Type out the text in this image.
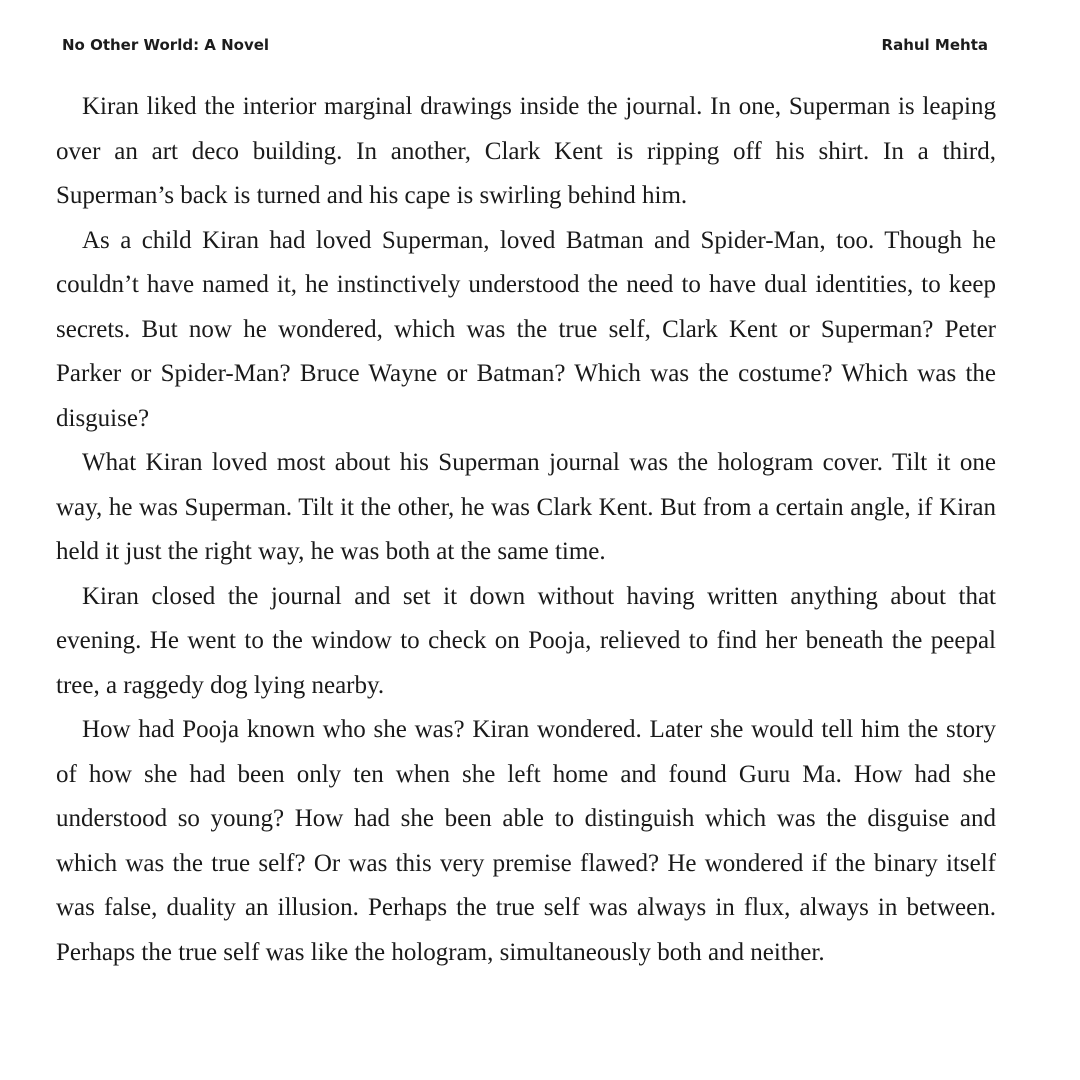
No Other World: A Novel	Rahul Mehta

Kiran liked the interior marginal drawings inside the journal. In one, Superman is leaping over an art deco building. In another, Clark Kent is ripping off his shirt. In a third, Superman’s back is turned and his cape is swirling behind him.

As a child Kiran had loved Superman, loved Batman and Spider-Man, too. Though he couldn’t have named it, he instinctively understood the need to have dual identities, to keep secrets. But now he wondered, which was the true self, Clark Kent or Superman? Peter Parker or Spider-Man? Bruce Wayne or Batman? Which was the costume? Which was the disguise?

What Kiran loved most about his Superman journal was the hologram cover. Tilt it one way, he was Superman. Tilt it the other, he was Clark Kent. But from a certain angle, if Kiran held it just the right way, he was both at the same time.

Kiran closed the journal and set it down without having written anything about that evening. He went to the window to check on Pooja, relieved to find her beneath the peepal tree, a raggedy dog lying nearby.

How had Pooja known who she was? Kiran wondered. Later she would tell him the story of how she had been only ten when she left home and found Guru Ma. How had she understood so young? How had she been able to distinguish which was the disguise and which was the true self? Or was this very premise flawed? He wondered if the binary itself was false, duality an illusion. Perhaps the true self was always in flux, always in between. Perhaps the true self was like the hologram, simultaneously both and neither.
